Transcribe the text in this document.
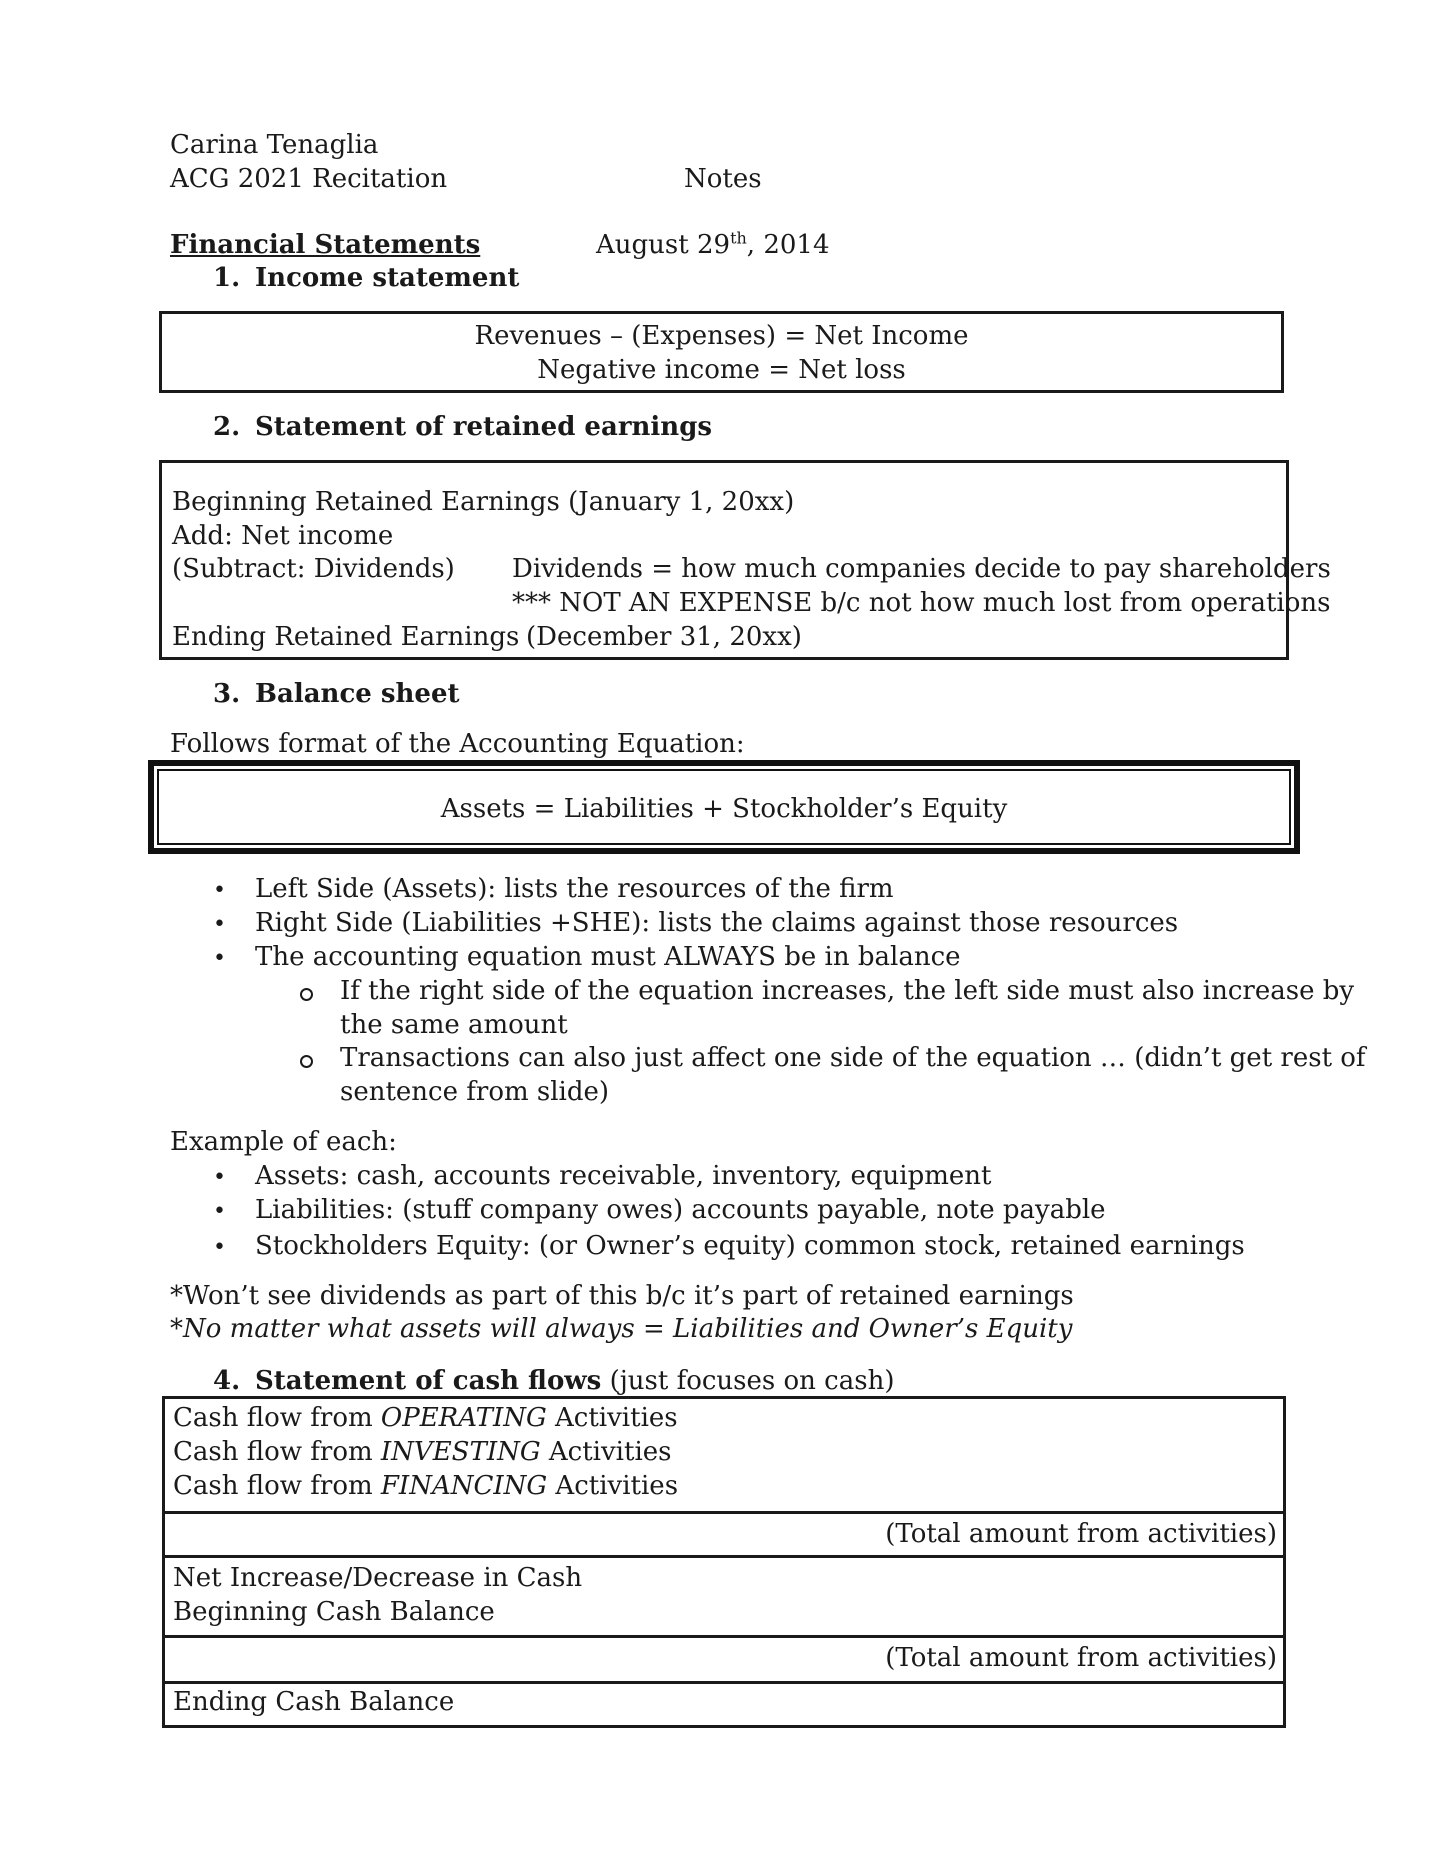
Carina Tenaglia
ACG 2021 Recitation	Notes
Financial Statements	August 29th, 2014
1. Income statement
Revenues – (Expenses) = Net Income
Negative income = Net loss
2. Statement of retained earnings
Beginning Retained Earnings (January 1, 20xx)
Add: Net income
(Subtract: Dividends) Dividends = how much companies decide to pay shareholders
*** NOT AN EXPENSE b/c not how much lost from operations
Ending Retained Earnings (December 31, 20xx)
3. Balance sheet
Follows format of the Accounting Equation:
Assets = Liabilities + Stockholder’s Equity
• Left Side (Assets): lists the resources of the firm
• Right Side (Liabilities +SHE): lists the claims against those resources
• The accounting equation must ALWAYS be in balance
If the right side of the equation increases, the left side must also increase by
the same amount
Transactions can also just affect one side of the equation … (didn’t get rest of
sentence from slide)
Example of each:
• Assets: cash, accounts receivable, inventory, equipment
• Liabilities: (stuff company owes) accounts payable, note payable
• Stockholders Equity: (or Owner’s equity) common stock, retained earnings
*Won’t see dividends as part of this b/c it’s part of retained earnings
*No matter what assets will always = Liabilities and Owner’s Equity
4. Statement of cash flows (just focuses on cash)
Cash flow from OPERATING Activities
Cash flow from INVESTING Activities
Cash flow from FINANCING Activities
(Total amount from activities)
Net Increase/Decrease in Cash
Beginning Cash Balance
(Total amount from activities)
Ending Cash Balance
